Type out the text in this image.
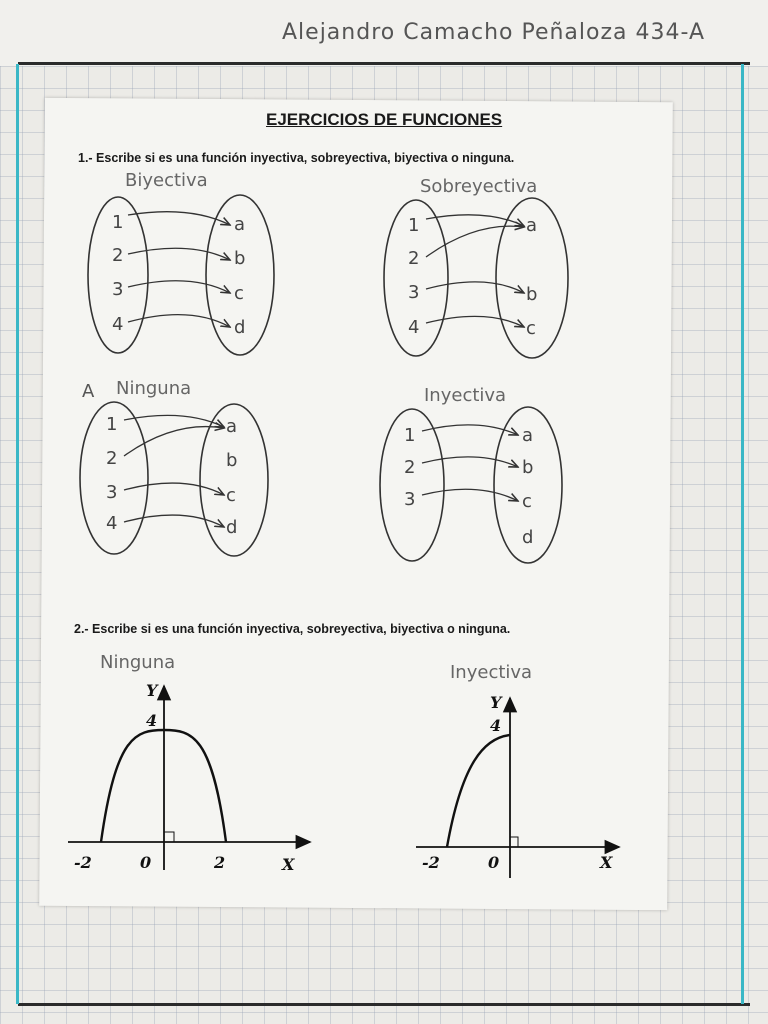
Alejandro Camacho Peñaloza 434-A
EJERCICIOS DE FUNCIONES
1.- Escribe si es una función inyectiva, sobreyectiva, biyectiva o ninguna.
2.- Escribe si es una función inyectiva, sobreyectiva, biyectiva o ninguna.
Biyectiva	Sobreyectiva
A Ninguna	Inyectiva
Ninguna	Inyectiva
1
2
3
4
a
b
c
d
1
2
3
4
a
b
c
1
2
3
4
a
b
c
d
1
2
3
a
b
c
d
Y
4
-2	0	2	X
Y
4
-2	0	X
